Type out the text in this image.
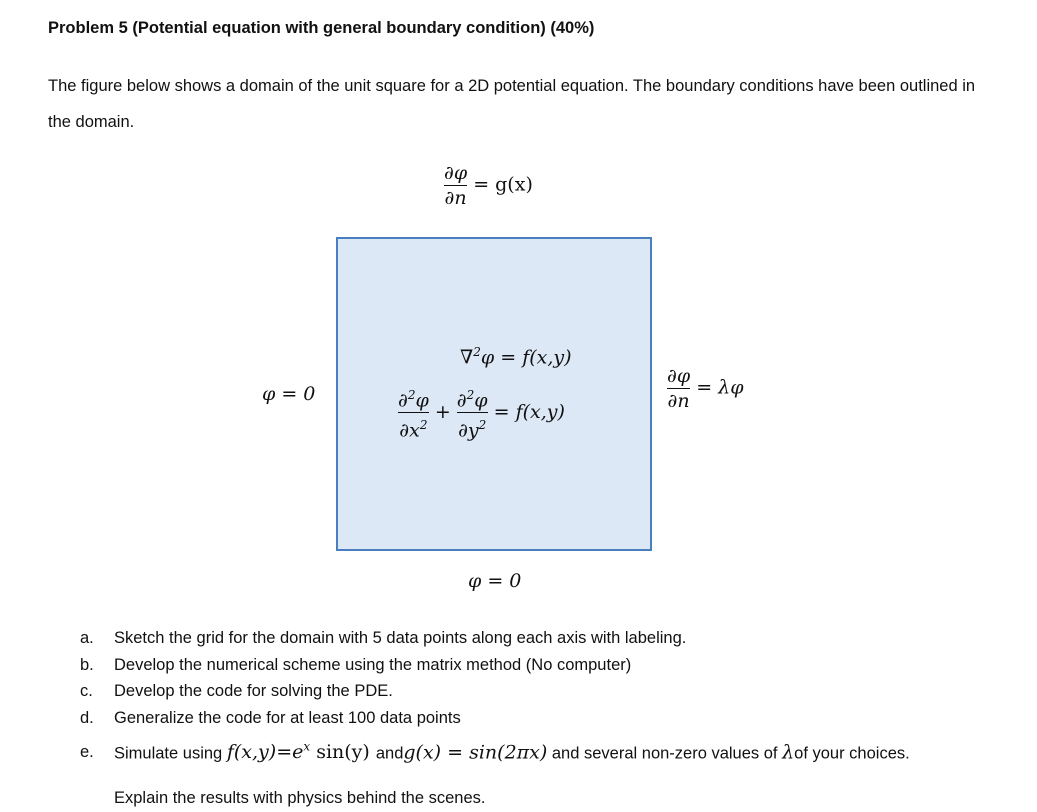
Problem 5 (Potential equation with general boundary condition) (40%)
The figure below shows a domain of the unit square for a 2D potential equation. The boundary conditions have been outlined in the domain.
$\frac{\partial\varphi}{\partial n} = g(x)$
φ = 0
∇$^2$φ = f(x,y)
$\frac{\partial^2\varphi}{\partial x^2} + \frac{\partial^2\varphi}{\partial y^2} = f(x,y)$	$\frac{\partial\varphi}{\partial n} = \lambda\varphi$
φ = 0
a. Sketch the grid for the domain with 5 data points along each axis with labeling.
b. Develop the numerical scheme using the matrix method (No computer)
c. Develop the code for solving the PDE.
d. Generalize the code for at least 100 data points
e. Simulate using $f(x,y)=e^x$ sin(y) andg(x) = sin(2πx) and several non-zero values of λof your choices.
Explain the results with physics behind the scenes.
